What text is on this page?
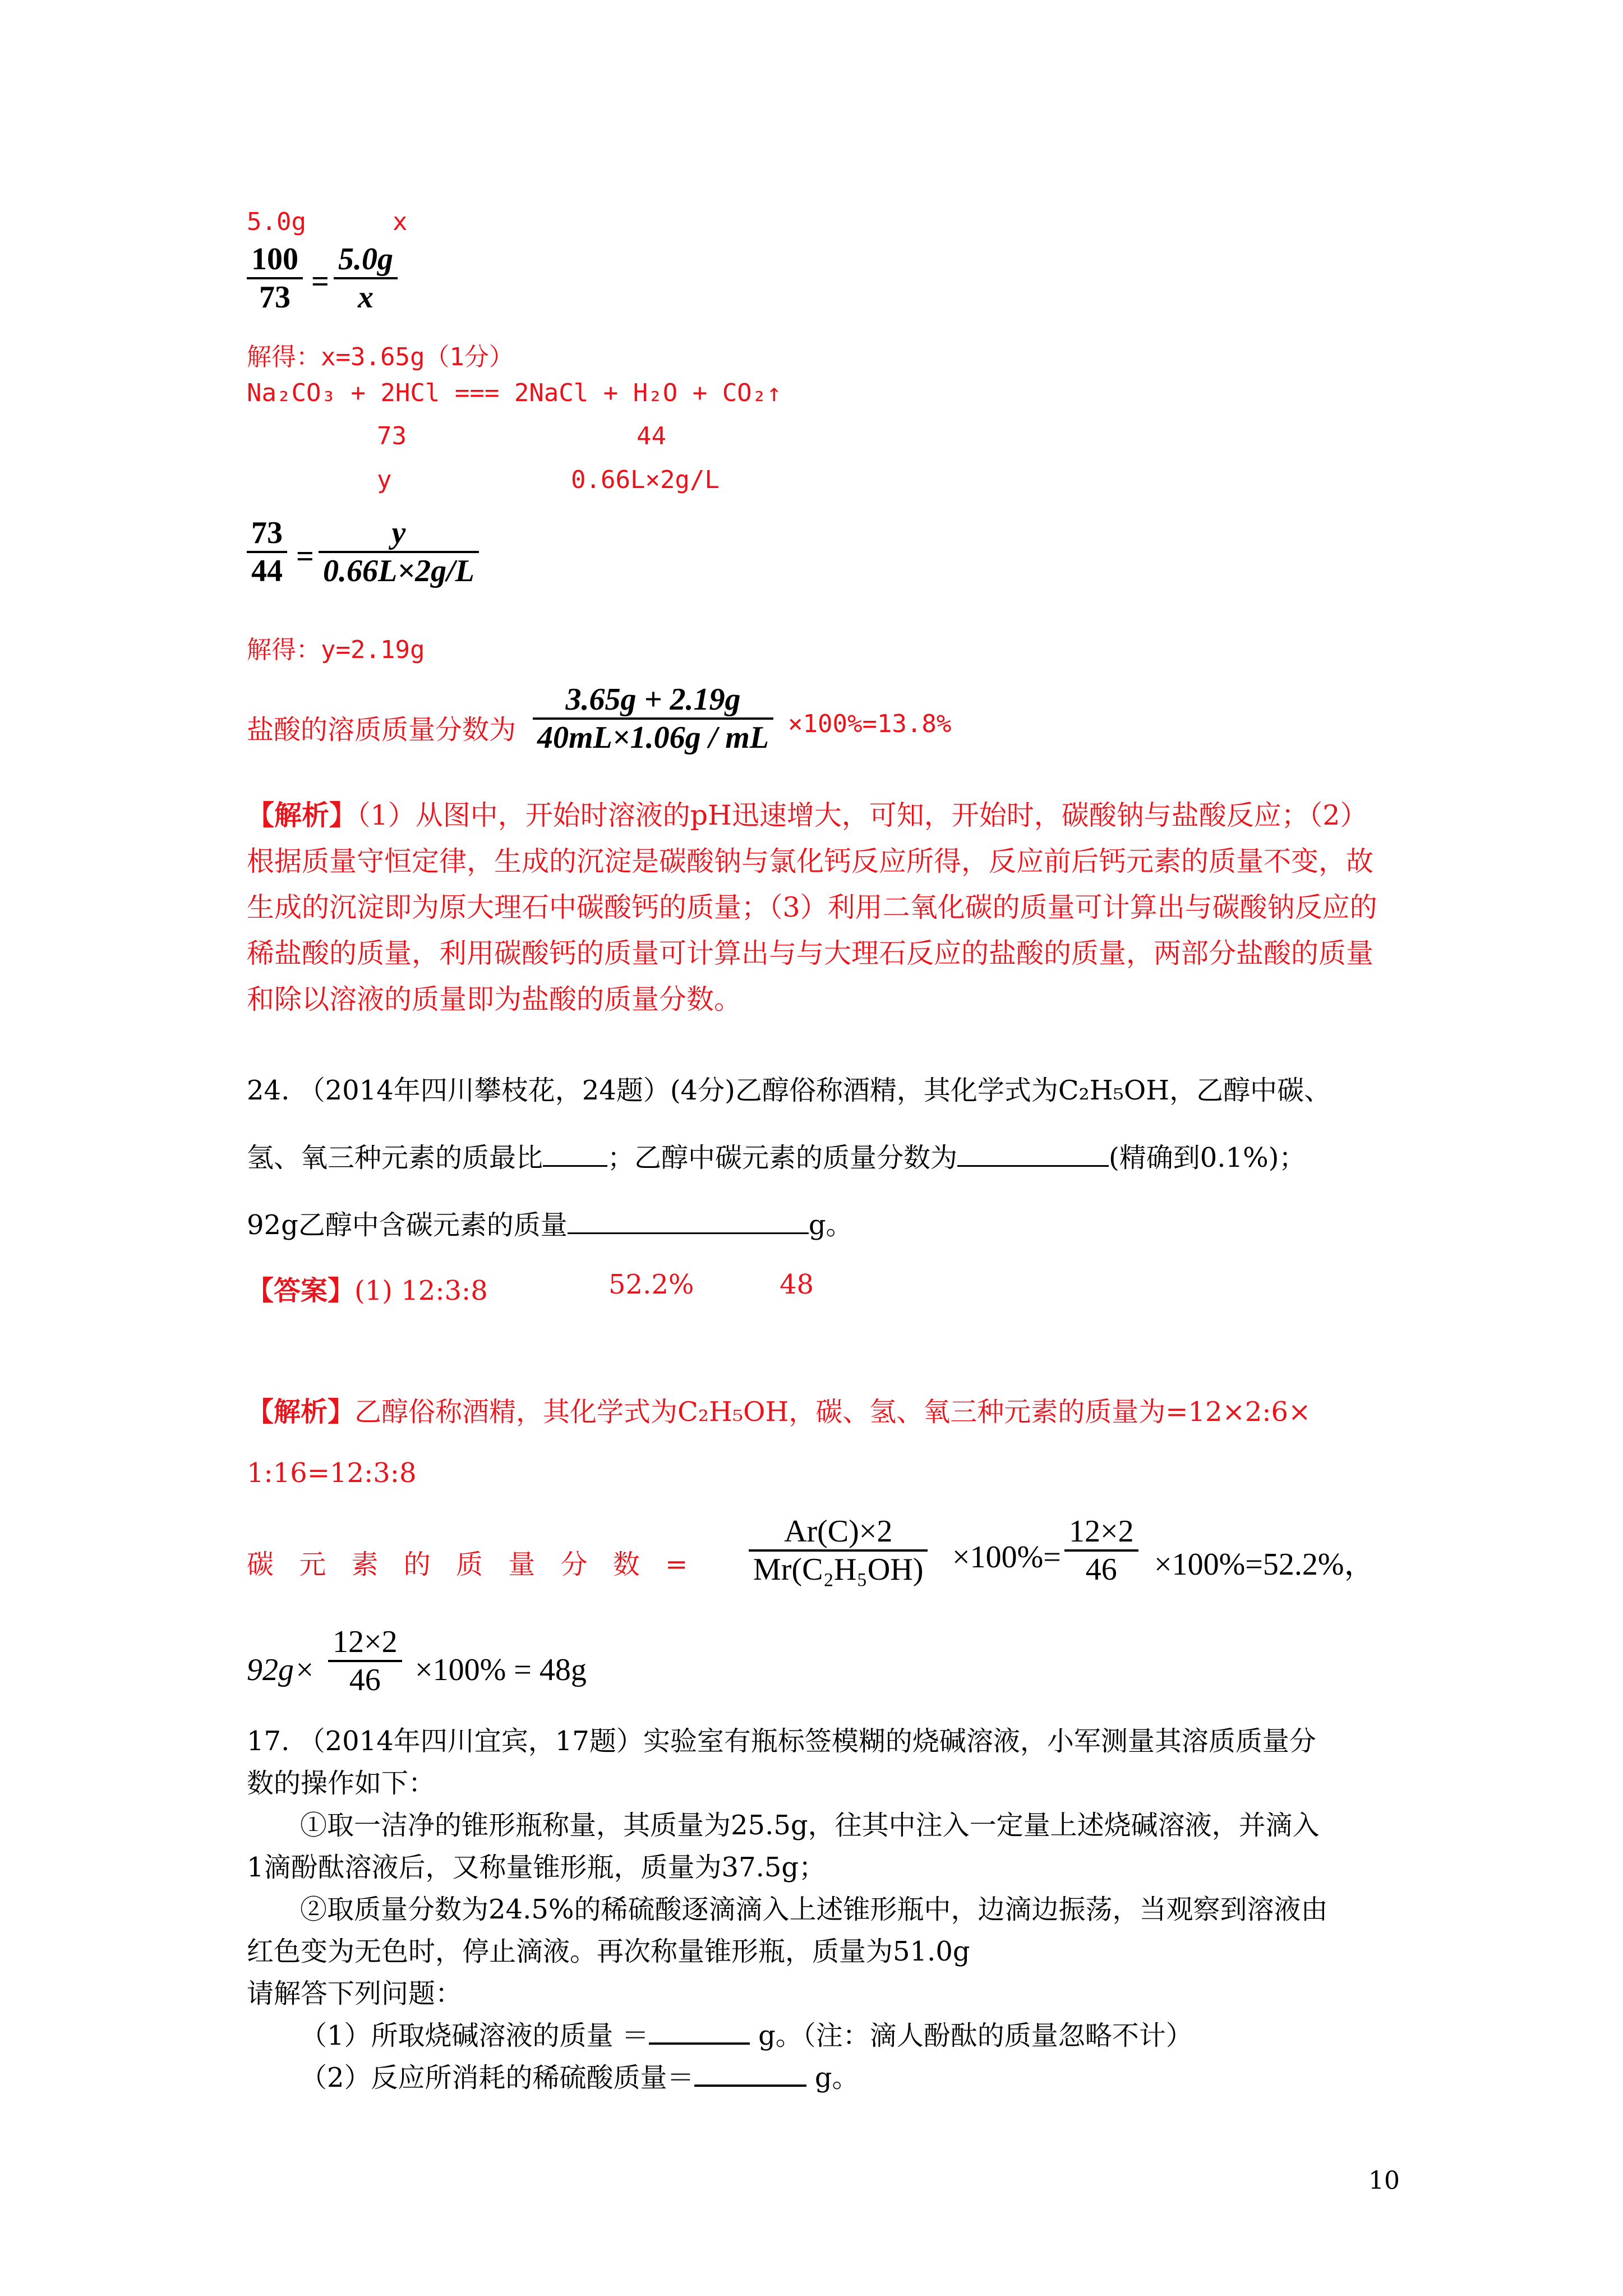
5.0g	x
100
73 =
5.0g
x
解得：x=3.65g（1分）
Na₂CO₃ + 2HCl === 2NaCl + H₂O + CO₂↑
73	44
y	0.66L×2g/L
73
44 =
y
0.66L×2g/L
解得：y=2.19g
盐酸的溶质质量分数为
3.65g + 2.19g
40mL×1.06g / mL ×100%=13.8%
【解析】（1）从图中，开始时溶液的pH迅速增大，可知，开始时，碳酸钠与盐酸反应；（2）根据质量守恒定律，生成的沉淀是碳酸钠与氯化钙反应所得，反应前后钙元素的质量不变，故生成的沉淀即为原大理石中碳酸钙的质量；（3）利用二氧化碳的质量可计算出与碳酸钠反应的稀盐酸的质量，利用碳酸钙的质量可计算出与与大理石反应的盐酸的质量，两部分盐酸的质量和除以溶液的质量即为盐酸的质量分数。
24. （2014年四川攀枝花，24题）(4分)乙醇俗称酒精，其化学式为C₂H₅OH，乙醇中碳、
氢、氧三种元素的质最比 ；乙醇中碳元素的质量分数为	(精确到0.1%)；
92g乙醇中含碳元素的质量	g。
【答案】(1) 12:3:8	52.2%	48
【解析】乙醇俗称酒精，其化学式为C₂H₅OH，碳、氢、氧三种元素的质量为=12×2:6×
1:16=12:3:8
碳 元 素 的 质 量 分 数 =
Ar(C)×2
Mr(C₂H₅OH) ×100%=
12×2
46 ×100%=52.2%，
92g×
12×2
46 ×100% = 48g
17. （2014年四川宜宾，17题）实验室有瓶标签模糊的烧碱溶液，小军测量其溶质质量分
数的操作如下：
①取一洁净的锥形瓶称量，其质量为25.5g，往其中注入一定量上述烧碱溶液，并滴入
1滴酚酞溶液后，又称量锥形瓶，质量为37.5g；
②取质量分数为24.5%的稀硫酸逐滴滴入上述锥形瓶中，边滴边振荡，当观察到溶液由
红色变为无色时，停止滴液。再次称量锥形瓶，质量为51.0g
请解答下列问题：
（1）所取烧碱溶液的质量 ＝	g。（注：滴人酚酞的质量忽略不计）
（2）反应所消耗的稀硫酸质量＝	g。
10
